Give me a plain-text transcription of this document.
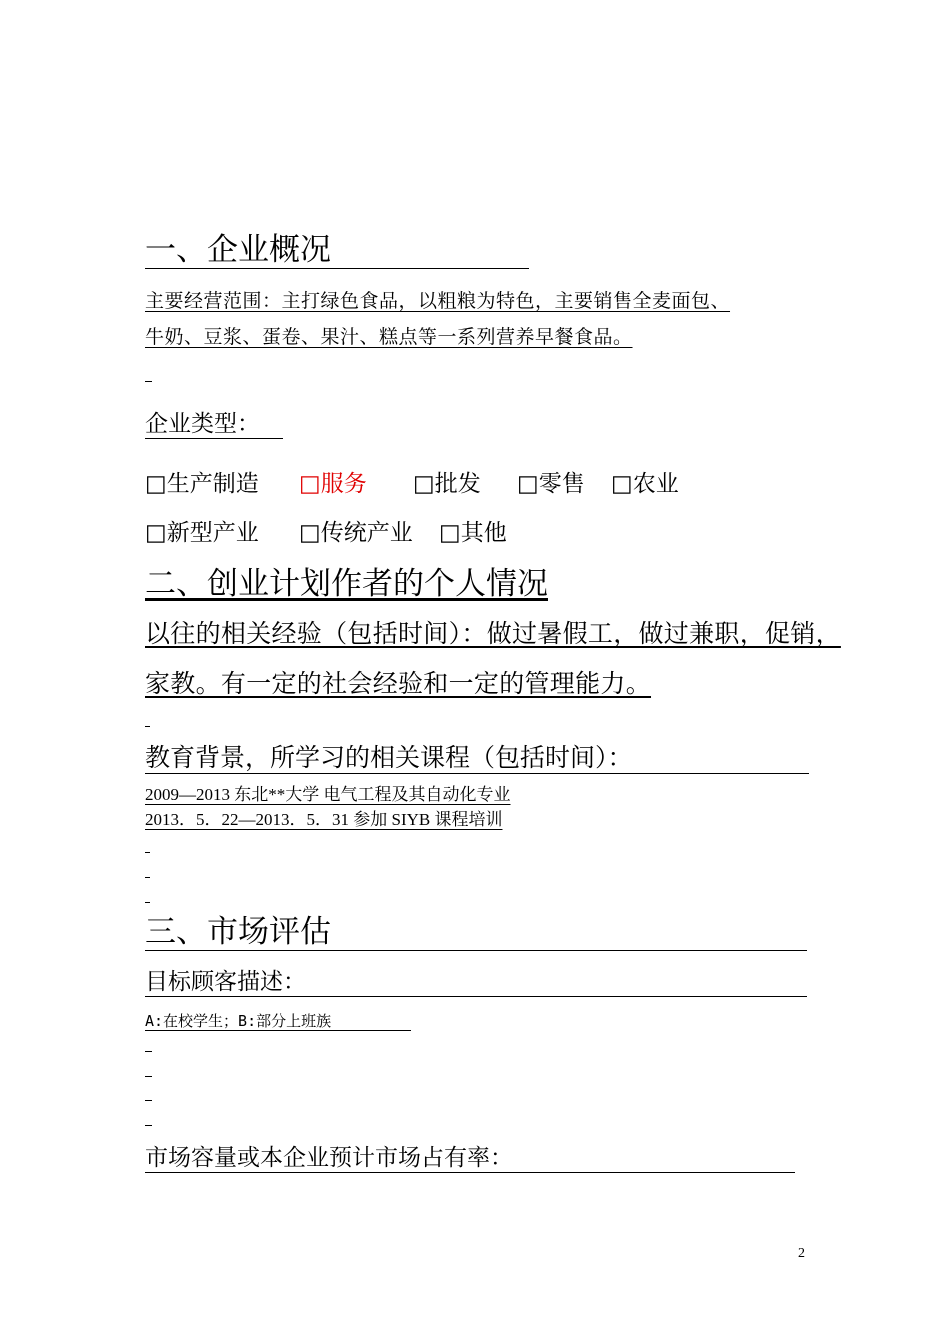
一、企业概况
主要经营范围：主打绿色食品，以粗粮为特色，主要销售全麦面包、
牛奶、豆浆、蛋卷、果汁、糕点等一系列营养早餐食品。
企业类型：
□生产制造 □服务 □批发 □零售 □农业
□新型产业 □传统产业 □其他
二、创业计划作者的个人情况
以往的相关经验（包括时间）：做过暑假工，做过兼职，促销，
家教。有一定的社会经验和一定的管理能力。
教育背景，所学习的相关课程（包括时间）：
2009—2013 东北**大学 电气工程及其自动化专业
2013．5．22—2013．5．31 参加 SIYB 课程培训
三、市场评估
目标顾客描述：
A:在校学生；B:部分上班族
市场容量或本企业预计市场占有率：
2
